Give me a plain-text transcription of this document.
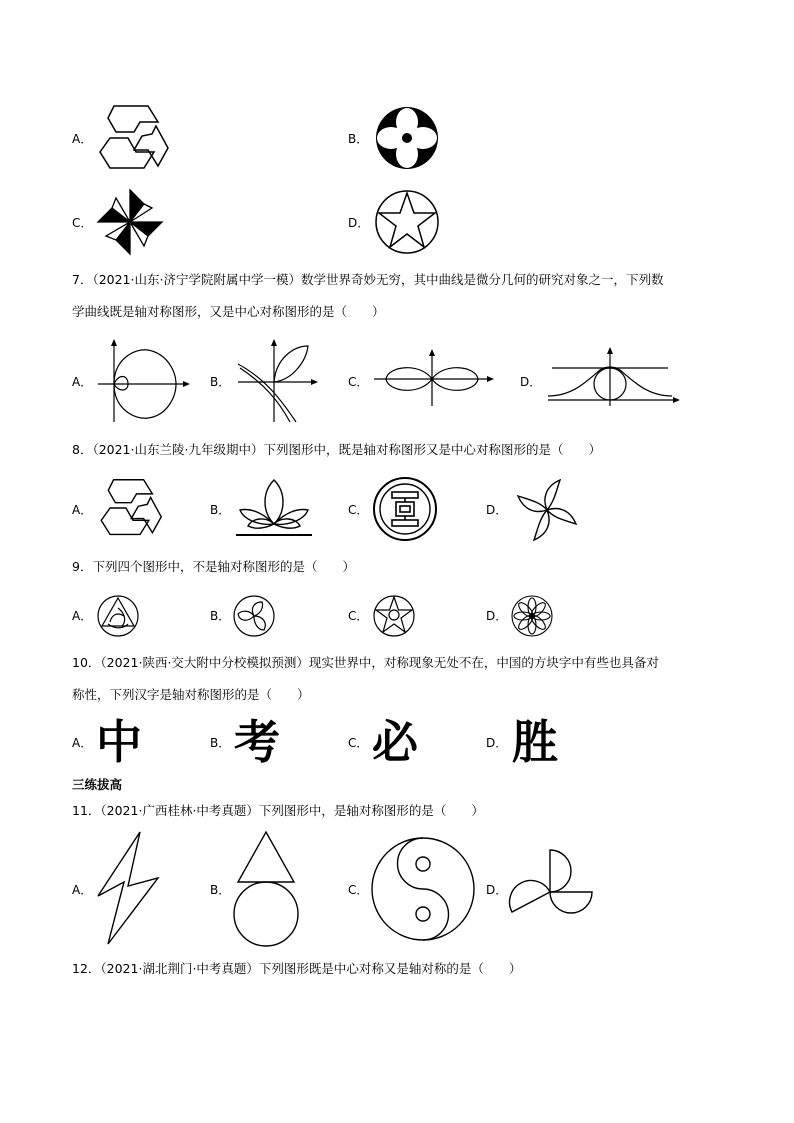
A．	B．
C．	D．
7．（2021·山东·济宁学院附属中学一模）数学世界奇妙无穷，其中曲线是微分几何的研究对象之一，下列数
学曲线既是轴对称图形，又是中心对称图形的是（　　）
A．	B．	C．	D．
8．（2021·山东兰陵·九年级期中）下列图形中，既是轴对称图形又是中心对称图形的是（　　）
A．	B．	C．	D．
9．下列四个图形中，不是轴对称图形的是（　　）
A．	B．	C．	D．
10．（2021·陕西·交大附中分校模拟预测）现实世界中，对称现象无处不在，中国的方块字中有些也具备对
称性，下列汉字是轴对称图形的是（　　）
A． 中	B． 考	C． 必	D． 胜
三练拔高
11．（2021·广西桂林·中考真题）下列图形中，是轴对称图形的是（　　）
A．	B．	C．	D．
12．（2021·湖北荆门·中考真题）下列图形既是中心对称又是轴对称的是（　　）
